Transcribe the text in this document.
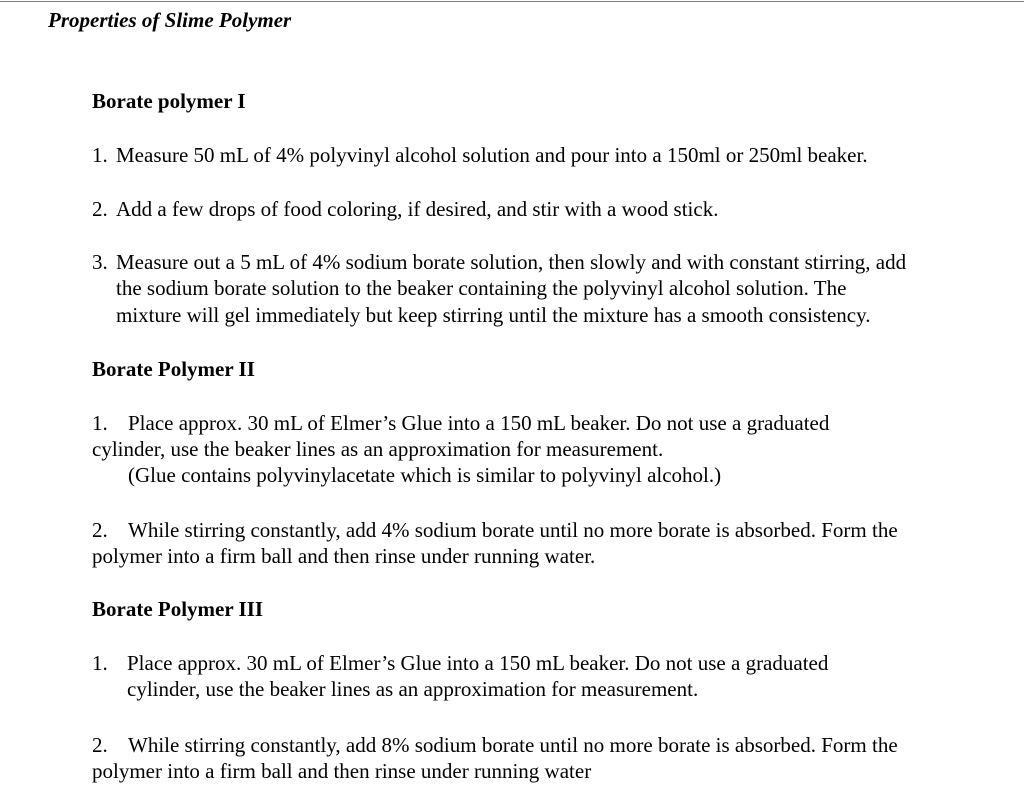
Properties of Slime Polymer
Borate polymer I
1. Measure 50 mL of 4% polyvinyl alcohol solution and pour into a 150ml or 250ml beaker.
2. Add a few drops of food coloring, if desired, and stir with a wood stick.
3. Measure out a 5 mL of 4% sodium borate solution, then slowly and with constant stirring, add
the sodium borate solution to the beaker containing the polyvinyl alcohol solution. The
mixture will gel immediately but keep stirring until the mixture has a smooth consistency.
Borate Polymer II
1. Place approx. 30 mL of Elmer’s Glue into a 150 mL beaker. Do not use a graduated
cylinder, use the beaker lines as an approximation for measurement.
(Glue contains polyvinylacetate which is similar to polyvinyl alcohol.)
2. While stirring constantly, add 4% sodium borate until no more borate is absorbed. Form the
polymer into a firm ball and then rinse under running water.
Borate Polymer III
1. Place approx. 30 mL of Elmer’s Glue into a 150 mL beaker. Do not use a graduated
cylinder, use the beaker lines as an approximation for measurement.
2. While stirring constantly, add 8% sodium borate until no more borate is absorbed. Form the
polymer into a firm ball and then rinse under running water
